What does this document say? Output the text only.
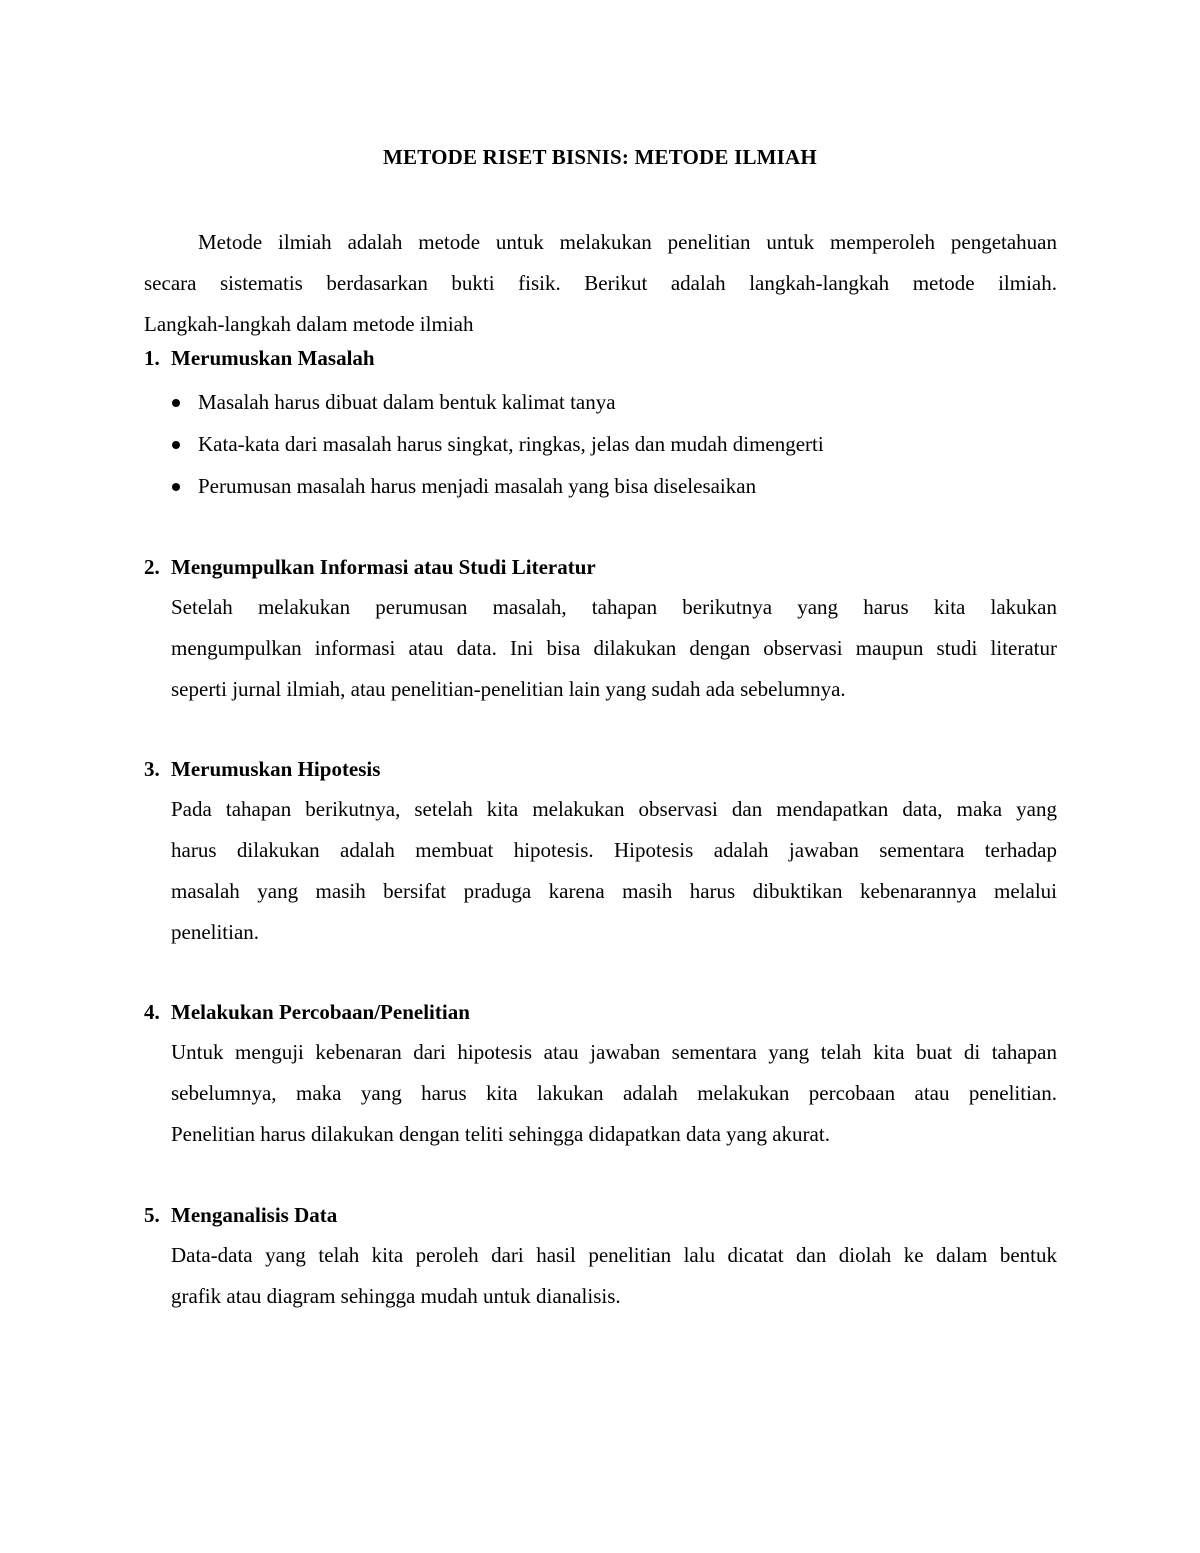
METODE RISET BISNIS: METODE ILMIAH
Metode ilmiah adalah metode untuk melakukan penelitian untuk memperoleh pengetahuan
secara sistematis berdasarkan bukti fisik. Berikut adalah langkah-langkah metode ilmiah.
Langkah-langkah dalam metode ilmiah
1. Merumuskan Masalah
Masalah harus dibuat dalam bentuk kalimat tanya
Kata-kata dari masalah harus singkat, ringkas, jelas dan mudah dimengerti
Perumusan masalah harus menjadi masalah yang bisa diselesaikan
2. Mengumpulkan Informasi atau Studi Literatur
Setelah melakukan perumusan masalah, tahapan berikutnya yang harus kita lakukan
mengumpulkan informasi atau data. Ini bisa dilakukan dengan observasi maupun studi literatur
seperti jurnal ilmiah, atau penelitian-penelitian lain yang sudah ada sebelumnya.
3. Merumuskan Hipotesis
Pada tahapan berikutnya, setelah kita melakukan observasi dan mendapatkan data, maka yang
harus dilakukan adalah membuat hipotesis. Hipotesis adalah jawaban sementara terhadap
masalah yang masih bersifat praduga karena masih harus dibuktikan kebenarannya melalui
penelitian.
4. Melakukan Percobaan/Penelitian
Untuk menguji kebenaran dari hipotesis atau jawaban sementara yang telah kita buat di tahapan
sebelumnya, maka yang harus kita lakukan adalah melakukan percobaan atau penelitian.
Penelitian harus dilakukan dengan teliti sehingga didapatkan data yang akurat.
5. Menganalisis Data
Data-data yang telah kita peroleh dari hasil penelitian lalu dicatat dan diolah ke dalam bentuk
grafik atau diagram sehingga mudah untuk dianalisis.
